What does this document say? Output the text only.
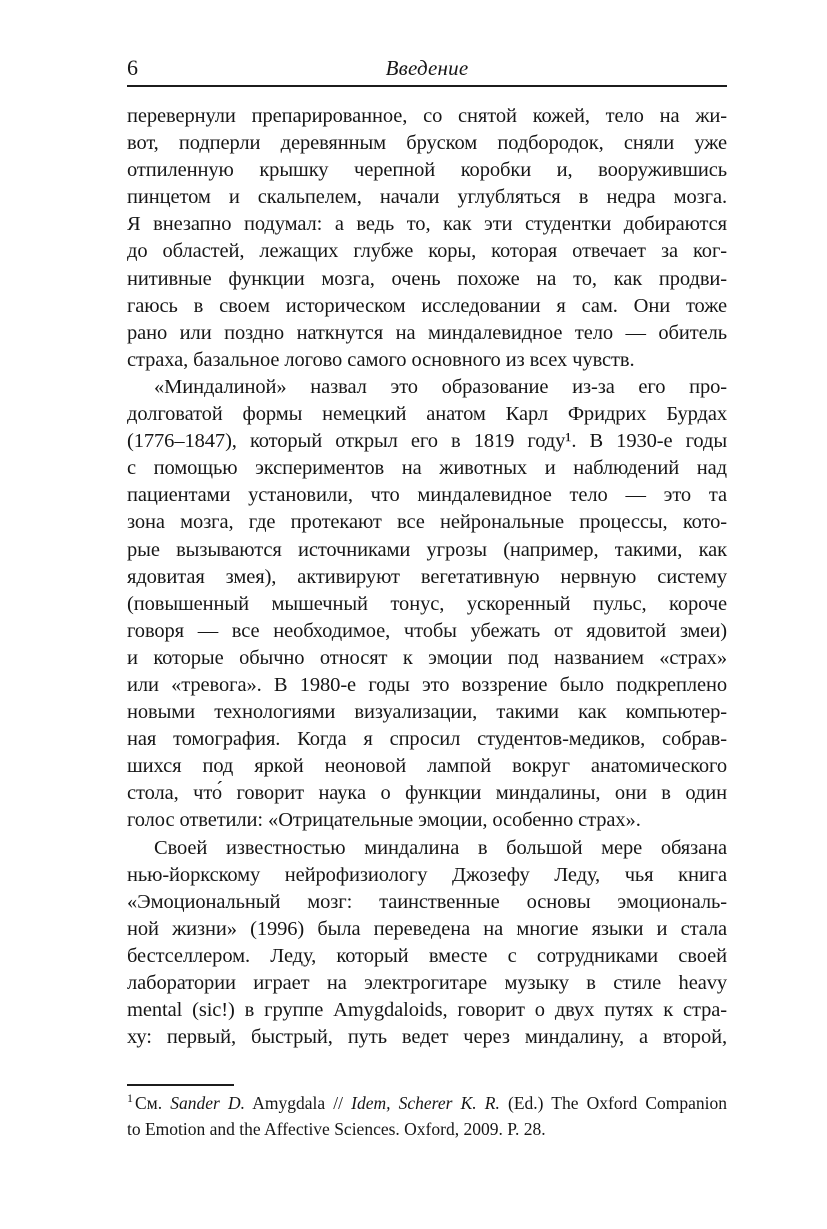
6	Введение
перевернули препарированное, со снятой кожей, тело на жи-
вот, подперли деревянным бруском подбородок, сняли уже
отпиленную крышку черепной коробки и, вооружившись
пинцетом и скальпелем, начали углубляться в недра мозга.
Я внезапно подумал: а ведь то, как эти студентки добираются
до областей, лежащих глубже коры, которая отвечает за ког-
нитивные функции мозга, очень похоже на то, как продви-
гаюсь в своем историческом исследовании я сам. Они тоже
рано или поздно наткнутся на миндалевидное тело — обитель
страха, базальное логово самого основного из всех чувств.
«Миндалиной» назвал это образование из-за его про-
долговатой формы немецкий анатом Карл Фридрих Бурдах
(1776–1847), который открыл его в 1819 году¹. В 1930-е годы
с помощью экспериментов на животных и наблюдений над
пациентами установили, что миндалевидное тело — это та
зона мозга, где протекают все нейрональные процессы, кото-
рые вызываются источниками угрозы (например, такими, как
ядовитая змея), активируют вегетативную нервную систему
(повышенный мышечный тонус, ускоренный пульс, короче
говоря — все необходимое, чтобы убежать от ядовитой змеи)
и которые обычно относят к эмоции под названием «страх»
или «тревога». В 1980-е годы это воззрение было подкреплено
новыми технологиями визуализации, такими как компьютер-
ная томография. Когда я спросил студентов-медиков, собрав-
шихся под яркой неоновой лампой вокруг анатомического
стола, что́ говорит наука о функции миндалины, они в один
голос ответили: «Отрицательные эмоции, особенно страх».
Своей известностью миндалина в большой мере обязана
нью-йоркскому нейрофизиологу Джозефу Леду, чья книга
«Эмоциональный мозг: таинственные основы эмоциональ-
ной жизни» (1996) была переведена на многие языки и стала
бестселлером. Леду, который вместе с сотрудниками своей
лаборатории играет на электрогитаре музыку в стиле heavy
mental (sic!) в группе Amygdaloids, говорит о двух путях к стра-
ху: первый, быстрый, путь ведет через миндалину, а второй,
$^1$ См. Sander D. Amygdala // Idem, Scherer K. R. (Ed.) The Oxford Companion
to Emotion and the Affective Sciences. Oxford, 2009. P. 28.
